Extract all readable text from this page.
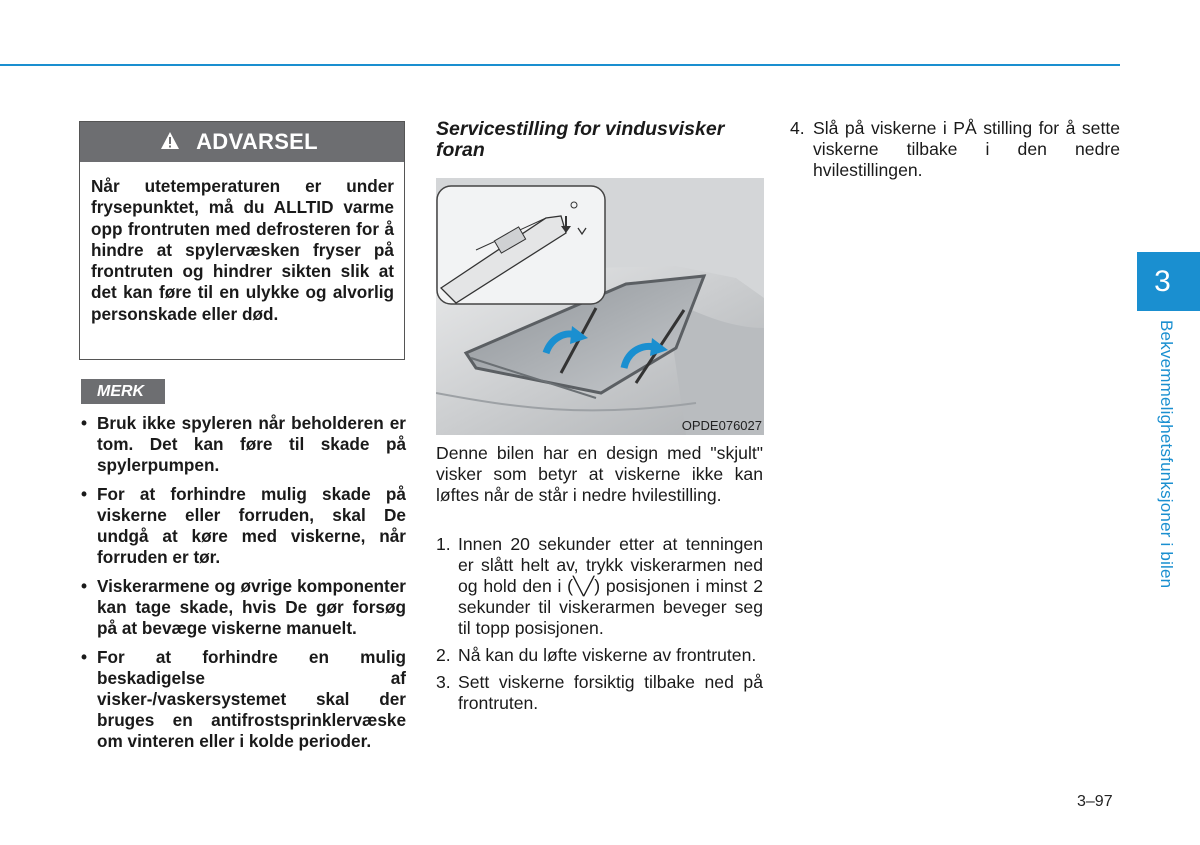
ADVARSEL
Når utetemperaturen er under frysepunktet, må du ALLTID varme opp frontruten med defrosteren for å hindre at spylervæsken fryser på frontruten og hindrer sikten slik at det kan føre til en ulykke og alvorlig personskade eller død.
MERK
• Bruk ikke spyleren når beholderen er tom. Det kan føre til skade på spylerpumpen.
• For at forhindre mulig skade på viskerne eller forruden, skal De undgå at køre med viskerne, når forruden er tør.
• Viskerarmene og øvrige komponenter kan tage skade, hvis De gør forsøg på at bevæge viskerne manuelt.
• For at forhindre en mulig beskadigelse af visker-/vaskersystemet skal der bruges en antifrostsprinklervæske om vinteren eller i kolde perioder.
Servicestilling for vindusvisker foran
OPDE076027

Denne bilen har en design med "skjult" visker som betyr at viskerne ikke kan løftes når de står i nedre hvilestilling.

1. Innen 20 sekunder etter at tenningen er slått helt av, trykk viskerarmen ned og hold den i (╲╱) posisjonen i minst 2 sekunder til viskerarmen beveger seg til topp posisjonen.
2. Nå kan du løfte viskerne av frontruten.
3. Sett viskerne forsiktig tilbake ned på frontruten.
4. Slå på viskerne i PÅ stilling for å sette viskerne tilbake i den nedre hvilestillingen.
3
Bekvemmelighetsfunksjoner i bilen
3–97
